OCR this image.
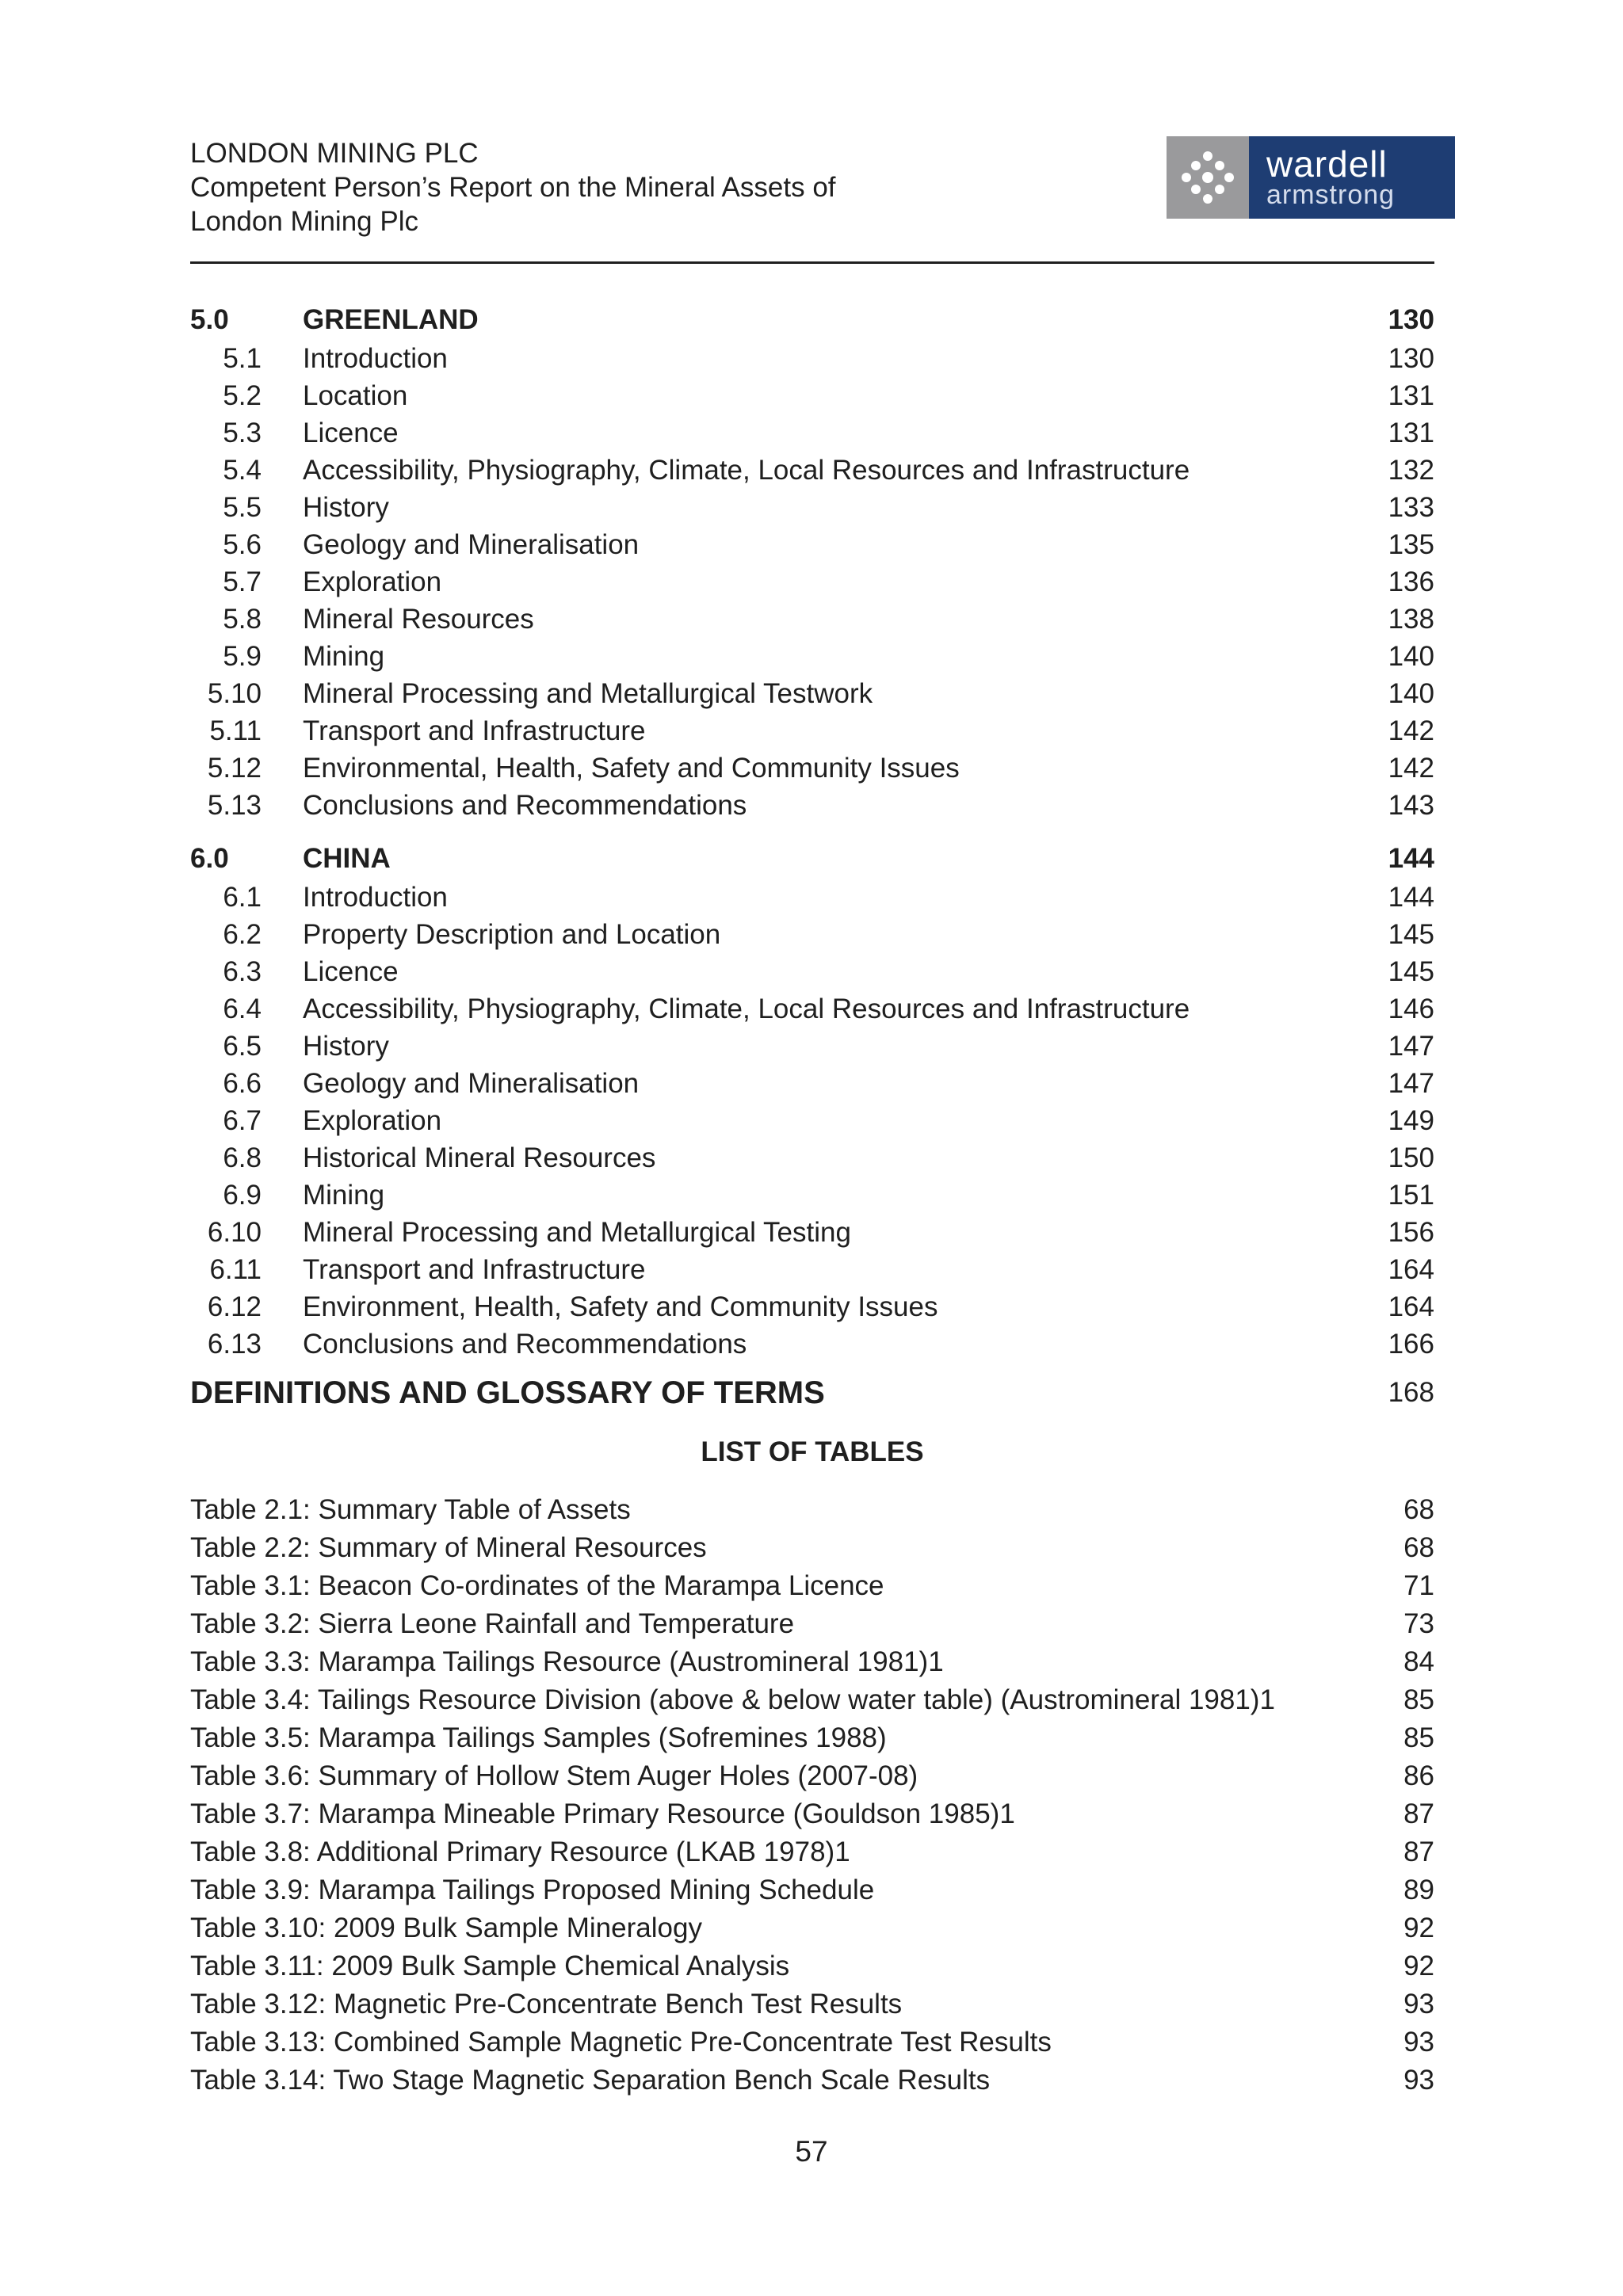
LONDON MINING PLC
Competent Person’s Report on the Mineral Assets of
London Mining Plc
wardell
armstrong
5.0	GREENLAND	130
5.1 Introduction	130
5.2 Location	131
5.3 Licence	131
5.4 Accessibility, Physiography, Climate, Local Resources and Infrastructure	132
5.5 History	133
5.6 Geology and Mineralisation	135
5.7 Exploration	136
5.8 Mineral Resources	138
5.9 Mining	140
5.10 Mineral Processing and Metallurgical Testwork	140
5.11 Transport and Infrastructure	142
5.12 Environmental, Health, Safety and Community Issues	142
5.13 Conclusions and Recommendations	143
6.0	CHINA	144
6.1 Introduction	144
6.2 Property Description and Location	145
6.3 Licence	145
6.4 Accessibility, Physiography, Climate, Local Resources and Infrastructure	146
6.5 History	147
6.6 Geology and Mineralisation	147
6.7 Exploration	149
6.8 Historical Mineral Resources	150
6.9 Mining	151
6.10 Mineral Processing and Metallurgical Testing	156
6.11 Transport and Infrastructure	164
6.12 Environment, Health, Safety and Community Issues	164
6.13 Conclusions and Recommendations	166
DEFINITIONS AND GLOSSARY OF TERMS	168
LIST OF TABLES
Table 2.1: Summary Table of Assets	68
Table 2.2: Summary of Mineral Resources	68
Table 3.1: Beacon Co-ordinates of the Marampa Licence	71
Table 3.2: Sierra Leone Rainfall and Temperature	73
Table 3.3: Marampa Tailings Resource (Austromineral 1981)1	84
Table 3.4: Tailings Resource Division (above & below water table) (Austromineral 1981)1	85
Table 3.5: Marampa Tailings Samples (Sofremines 1988)	85
Table 3.6: Summary of Hollow Stem Auger Holes (2007-08)	86
Table 3.7: Marampa Mineable Primary Resource (Gouldson 1985)1	87
Table 3.8: Additional Primary Resource (LKAB 1978)1	87
Table 3.9: Marampa Tailings Proposed Mining Schedule	89
Table 3.10: 2009 Bulk Sample Mineralogy	92
Table 3.11: 2009 Bulk Sample Chemical Analysis	92
Table 3.12: Magnetic Pre-Concentrate Bench Test Results	93
Table 3.13: Combined Sample Magnetic Pre-Concentrate Test Results	93
Table 3.14: Two Stage Magnetic Separation Bench Scale Results	93
57
